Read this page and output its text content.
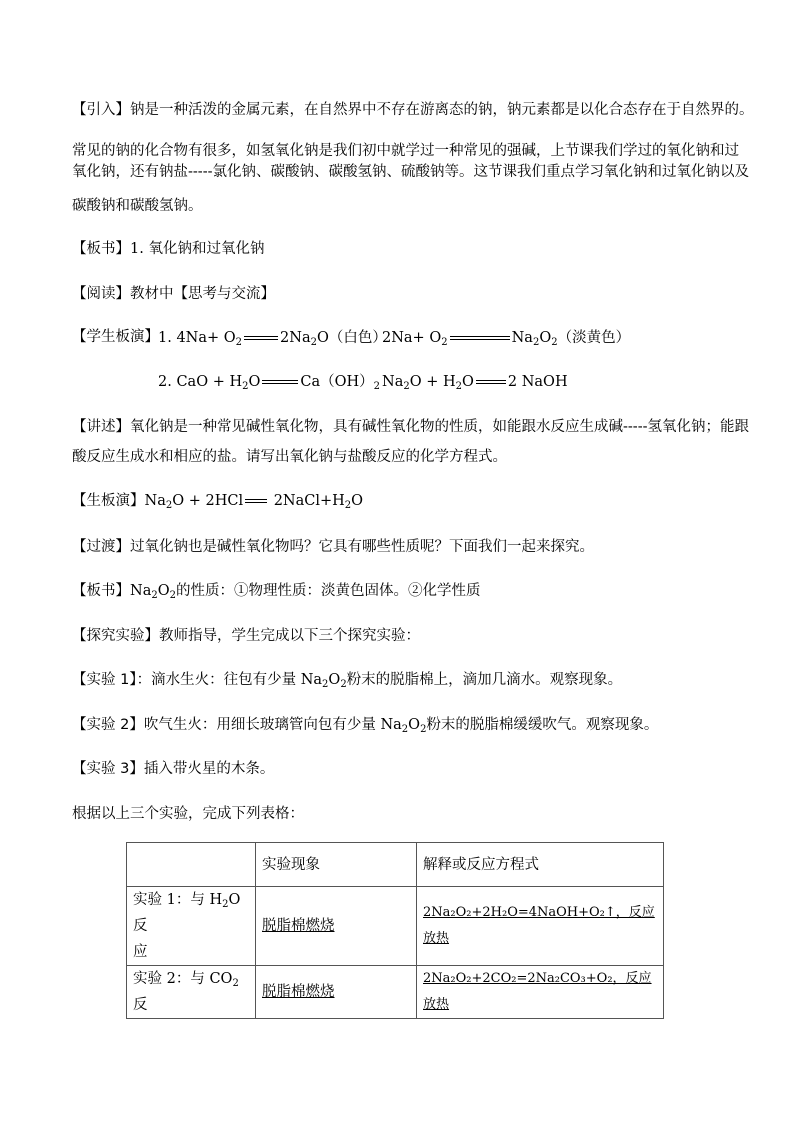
【引入】钠是一种活泼的金属元素，在自然界中不存在游离态的钠，钠元素都是以化合态存在于自然界的。
常见的钠的化合物有很多，如氢氧化钠是我们初中就学过一种常见的强碱，上节课我们学过的氧化钠和过
氧化钠，还有钠盐-----氯化钠、碳酸钠、碳酸氢钠、硫酸钠等。这节课我们重点学习氧化钠和过氧化钠以及
碳酸钠和碳酸氢钠。
【板书】1. 氧化钠和过氧化钠
【阅读】教材中【思考与交流】
【学生板演】 1. $4Na+ O_2$	$2Na_2O$（白色）
$2Na+ O_2$	$Na_2O_2$（淡黄色）
2. CaO + $H_2O$	$Ca(OH)_2$ $Na_2O + H_2O$ 2 NaOH
【讲述】氧化钠是一种常见碱性氧化物，具有碱性氧化物的性质，如能跟水反应生成碱-----氢氧化钠；能跟
酸反应生成水和相应的盐。请写出氧化钠与盐酸反应的化学方程式。
【生板演】$Na_2O + 2HCl$ $2NaCl+H_2O$
【过渡】过氧化钠也是碱性氧化物吗？它具有哪些性质呢？下面我们一起来探究。
【板书】$Na_2O_2$的性质：①物理性质：淡黄色固体。②化学性质
【探究实验】教师指导，学生完成以下三个探究实验：
【实验 1】：滴水生火：往包有少量 $Na_2O_2$粉末的脱脂棉上，滴加几滴水。观察现象。
【实验 2】吹气生火：用细长玻璃管向包有少量 $Na_2O_2$粉末的脱脂棉缓缓吹气。观察现象。
【实验 3】插入带火星的木条。
根据以上三个实验，完成下列表格：
	实验现象	解释或反应方程式
实验 1：与 $H_2O$ 反
应	脱脂棉燃烧	2Na₂O₂+2H₂O=4NaOH+O₂↑，反应放热
实验 2：与 $CO_2$反	脱脂棉燃烧	2Na₂O₂+2CO₂=2Na₂CO₃+O₂，反应放热
